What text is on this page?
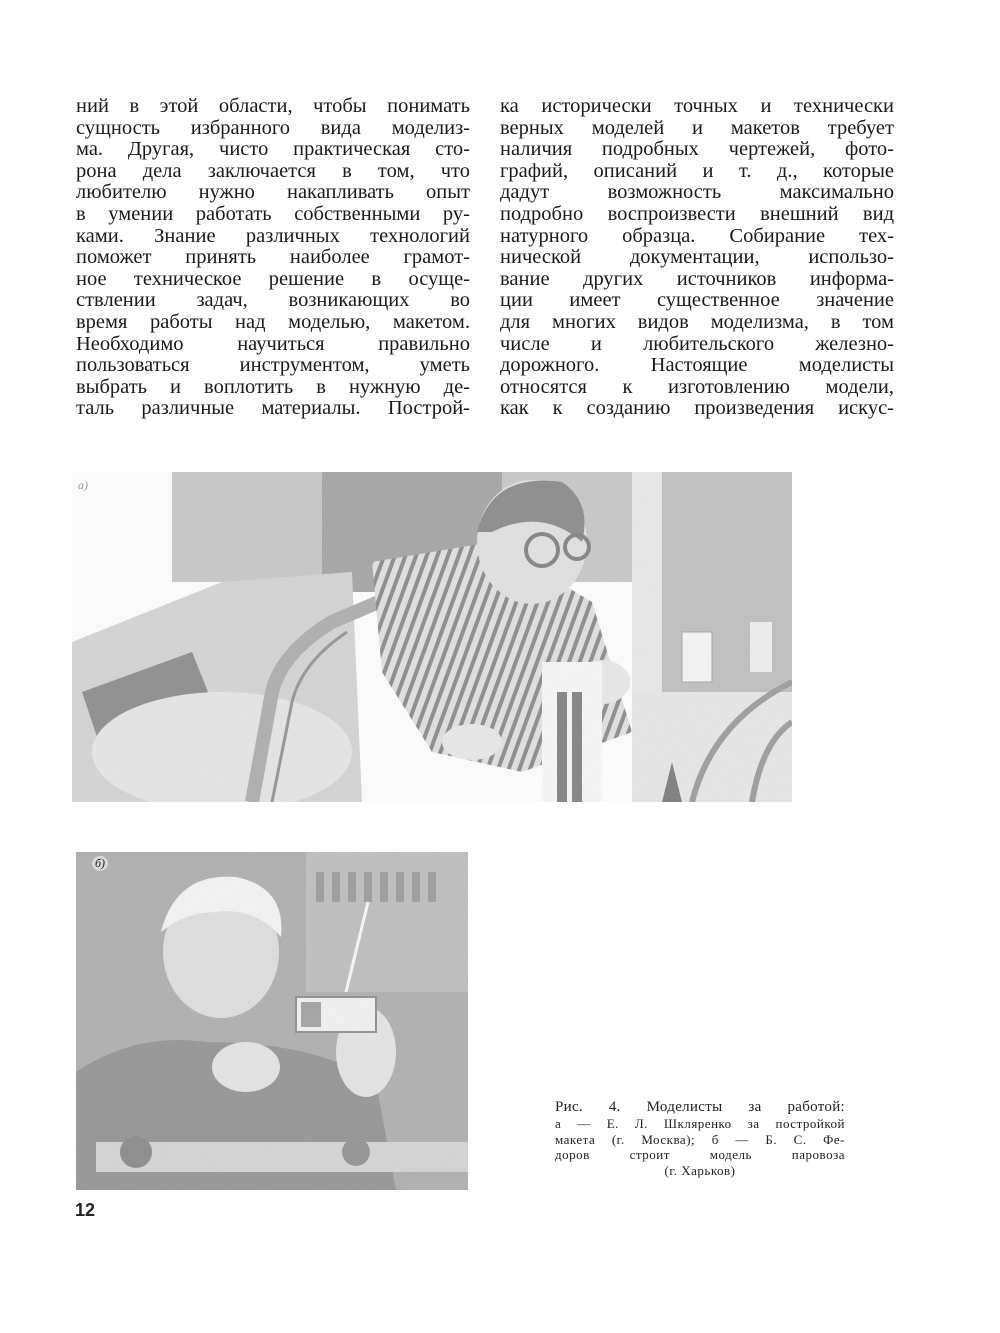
ний в этой области, чтобы понимать
сущность избранного вида моделиз-
ма. Другая, чисто практическая сто-
рона дела заключается в том, что
любителю нужно накапливать опыт
в умении работать собственными ру-
ками. Знание различных технологий
поможет принять наиболее грамот-
ное техническое решение в осуще-
ствлении задач, возникающих во
время работы над моделью, макетом.
Необходимо научиться правильно
пользоваться инструментом, уметь
выбрать и воплотить в нужную де-
таль различные материалы. Построй-
ка исторически точных и технически
верных моделей и макетов требует
наличия подробных чертежей, фото-
графий, описаний и т. д., которые
дадут возможность максимально
подробно воспроизвести внешний вид
натурного образца. Собирание тех-
нической документации, использо-
вание других источников информа-
ции имеет существенное значение
для многих видов моделизма, в том
числе и любительского железно-
дорожного. Настоящие моделисты
относятся к изготовлению модели,
как к созданию произведения искус-
а)
б)
Рис. 4. Моделисты за работой:
а — Е. Л. Шкляренко за постройкой
макета (г. Москва); б — Б. С. Фе-
доров строит модель паровоза
(г. Харьков)
12
